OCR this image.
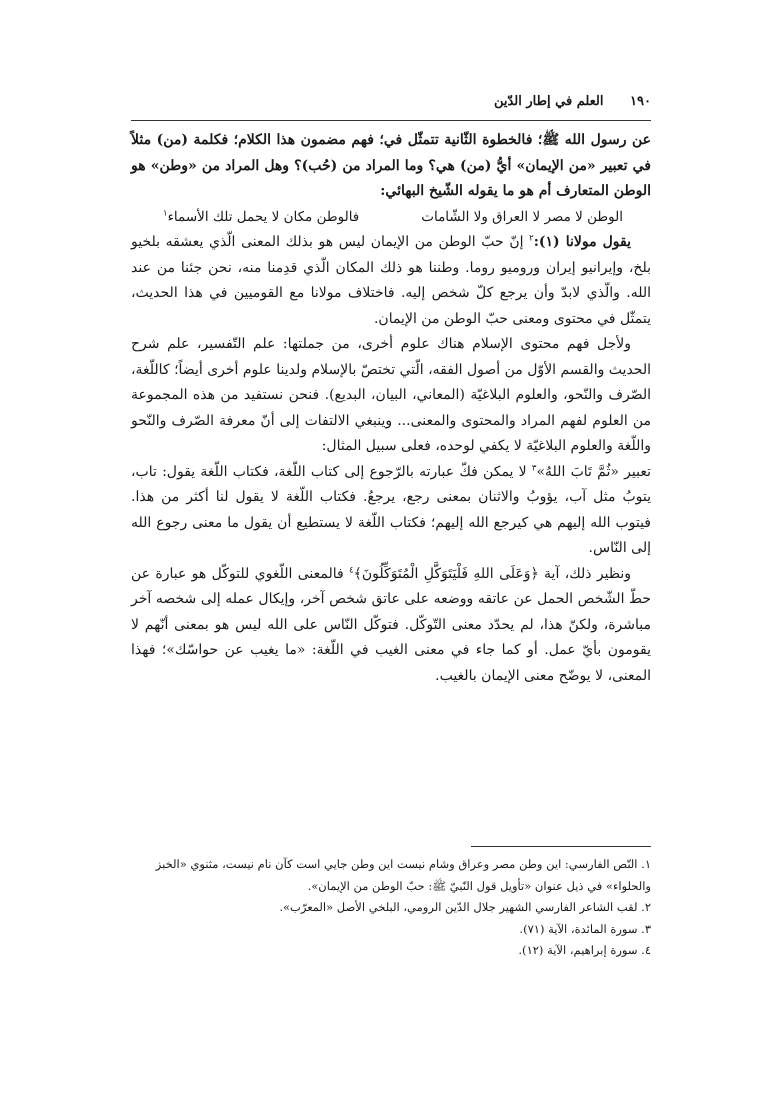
١٩٠ العلم في إطار الدّين

عن رسول الله ﷺ؛ فالخطوة الثّانية تتمثّل في؛ فهم مضمون هذا الكلام؛ فكلمة (من) مثلاً في تعبير «من الإيمان» أيُّ (من) هي؟ وما المراد من (حُب)؟ وهل المراد من «وطن» هو الوطن المتعارف أم هو ما يقوله الشّيخ البهائي:

الوطن لا مصر لا العراق ولا الشّامات
فالوطن مكان لا يحمل تلك الأسماء$^١$

يقول مولانا (١):$^٢$ إنّ حبّ الوطن من الإيمان ليس هو بذلك المعنى الّذي يعشقه بلخيو بلخ، وإيرانيو إيران وروميو روما. وطننا هو ذلك المكان الّذي قدِمنا منه، نحن جئنا من عند الله. والّذي لابدّ وأن يرجع كلّ شخص إليه. فاختلاف مولانا مع القوميين في هذا الحديث، يتمثّل في محتوى ومعنى حبّ الوطن من الإيمان.

ولأجل فهم محتوى الإسلام هناك علوم أخرى، من جملتها: علم التّفسير، علم شرح الحديث والقسم الأوّل من أصول الفقه، الّتي تختصّ بالإسلام ولدينا علوم أخرى أيضاً؛ كاللّغة، الصّرف والنّحو، والعلوم البلاغيّة (المعاني، البيان، البديع). فنحن نستفيد من هذه المجموعة من العلوم لفهم المراد والمحتوى والمعنى... وينبغي الالتفات إلى أنّ معرفة الصّرف والنّحو واللّغة والعلوم البلاغيّة لا يكفي لوحده، فعلى سبيل المثال:

تعبير «ثُمَّ تَابَ اللهُ»$^٣$ لا يمكن فكّ عبارته بالرّجوع إلى كتاب اللّغة، فكتاب اللّغة يقول: تاب، يتوبُ مثل آب، يؤوبُ والاثنان بمعنى رجع، يرجعُ. فكتاب اللّغة لا يقول لنا أكثر من هذا. فيتوب الله إليهم هي كيرجع الله إليهم؛ فكتاب اللّغة لا يستطيع أن يقول ما معنى رجوع الله إلى النّاس.

ونظير ذلك، آية ﴿وَعَلَى اللهِ فَلْيَتَوَكَّلِ الْمُتَوَكِّلُونَ﴾$^٤$ فالمعنى اللّغوي للتوكّل هو عبارة عن حطّ الشّخص الحمل عن عاتقه ووضعه على عاتق شخص آخر، وإيكال عمله إلى شخصه آخر مباشرة، ولكنّ هذا، لم يحدّد معنى التّوكّل. فتوكّل النّاس على الله ليس هو بمعنى أنّهم لا يقومون بأيّ عمل. أو كما جاء في معنى الغيب في اللّغة: «ما يغيب عن حواسّك»؛ فهذا المعنى، لا يوضّح معنى الإيمان بالغيب.

١. النّص الفارسي: اين وطن مصر وعراق وشام نيست اين وطن جايي است كآن نام نيست، مثنوي «الخبز والحلواء» في ذيل عنوان «تأويل قول النّبيّ ﷺ: حبّ الوطن من الإيمان».

٢. لقب الشاعر الفارسي الشهير جلال الدّين الرومي، البلخي الأصل «المعرّب».

٣. سورة المائدة، الآية (٧١).

٤. سورة إبراهيم، الآية (١٢).
